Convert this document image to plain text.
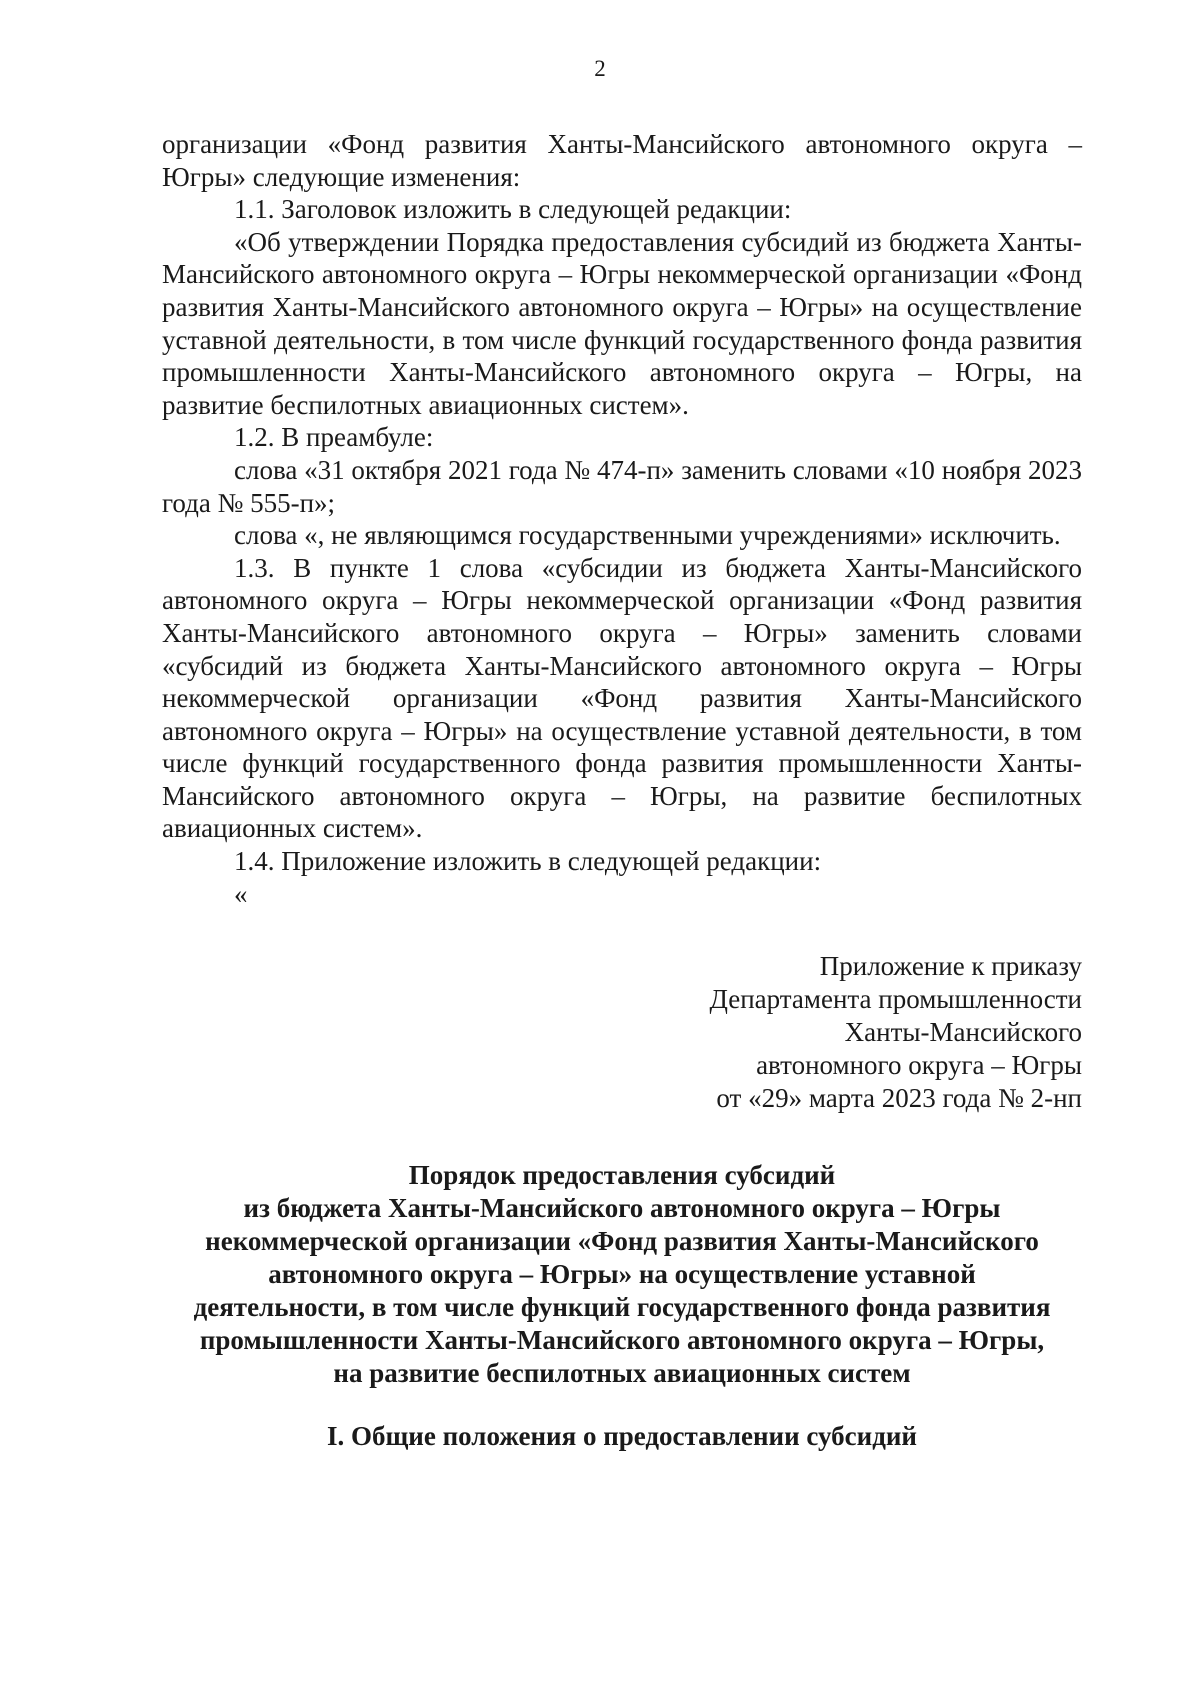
2

организации «Фонд развития Ханты-Мансийского автономного округа – Югры» следующие изменения:

1.1. Заголовок изложить в следующей редакции:

«Об утверждении Порядка предоставления субсидий из бюджета Ханты-Мансийского автономного округа – Югры некоммерческой организации «Фонд развития Ханты-Мансийского автономного округа – Югры» на осуществление уставной деятельности, в том числе функций государственного фонда развития промышленности Ханты-Мансийского автономного округа – Югры, на развитие беспилотных авиационных систем».

1.2. В преамбуле:

слова «31 октября 2021 года № 474-п» заменить словами «10 ноября 2023 года № 555-п»;

слова «, не являющимся государственными учреждениями» исключить.

1.3. В пункте 1 слова «субсидии из бюджета Ханты-Мансийского автономного округа – Югры некоммерческой организации «Фонд развития Ханты-Мансийского автономного округа – Югры» заменить словами «субсидий из бюджета Ханты-Мансийского автономного округа – Югры некоммерческой организации «Фонд развития Ханты-Мансийского автономного округа – Югры» на осуществление уставной деятельности, в том числе функций государственного фонда развития промышленности Ханты-Мансийского автономного округа – Югры, на развитие беспилотных авиационных систем».

1.4. Приложение изложить в следующей редакции:

«

Приложение к приказу
Департамента промышленности
Ханты-Мансийского
автономного округа – Югры
от «29» марта 2023 года № 2-нп
Порядок предоставления субсидий
из бюджета Ханты-Мансийского автономного округа – Югры
некоммерческой организации «Фонд развития Ханты-Мансийского
автономного округа – Югры» на осуществление уставной
деятельности, в том числе функций государственного фонда развития
промышленности Ханты-Мансийского автономного округа – Югры,
на развитие беспилотных авиационных систем
I. Общие положения о предоставлении субсидий
